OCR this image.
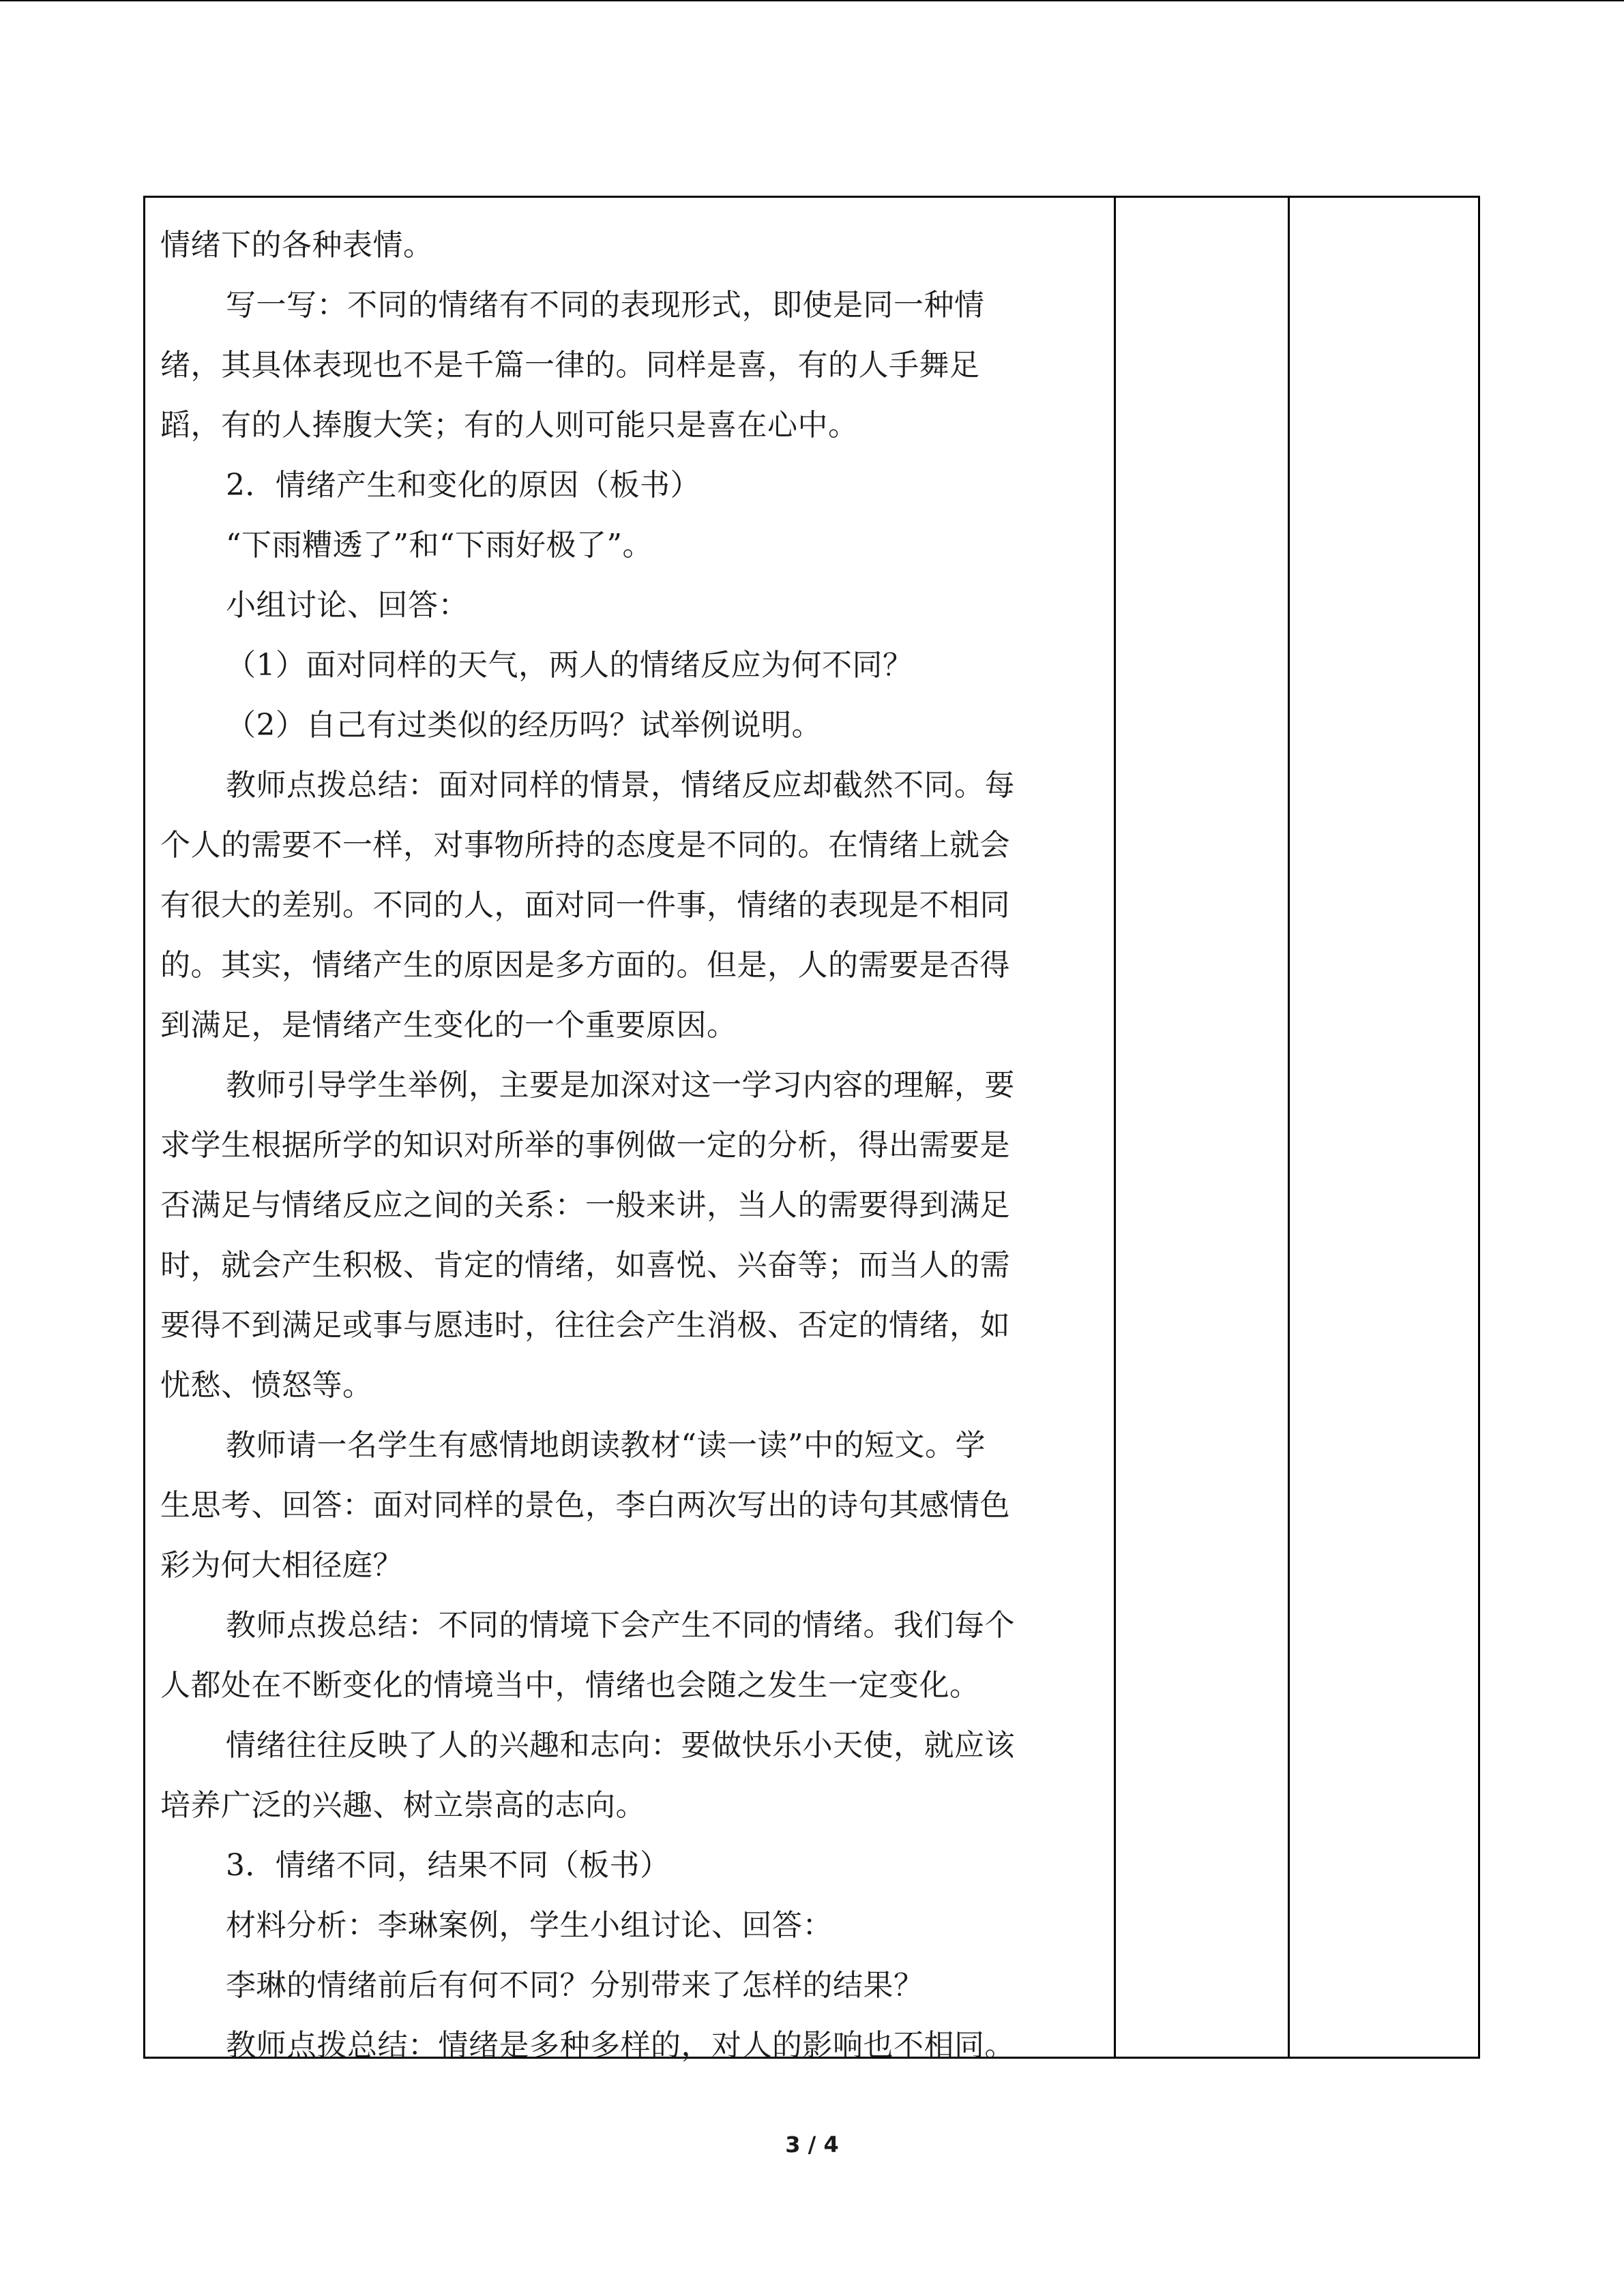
情绪下的各种表情。
写一写：不同的情绪有不同的表现形式，即使是同一种情
绪，其具体表现也不是千篇一律的。同样是喜，有的人手舞足
蹈，有的人捧腹大笑；有的人则可能只是喜在心中。
2．情绪产生和变化的原因（板书）
“下雨糟透了”和“下雨好极了”。
小组讨论、回答：
（1）面对同样的天气，两人的情绪反应为何不同？
（2）自己有过类似的经历吗？试举例说明。
教师点拨总结：面对同样的情景，情绪反应却截然不同。每
个人的需要不一样，对事物所持的态度是不同的。在情绪上就会
有很大的差别。不同的人，面对同一件事，情绪的表现是不相同
的。其实，情绪产生的原因是多方面的。但是，人的需要是否得
到满足，是情绪产生变化的一个重要原因。
教师引导学生举例，主要是加深对这一学习内容的理解，要
求学生根据所学的知识对所举的事例做一定的分析，得出需要是
否满足与情绪反应之间的关系：一般来讲，当人的需要得到满足
时，就会产生积极、肯定的情绪，如喜悦、兴奋等；而当人的需
要得不到满足或事与愿违时，往往会产生消极、否定的情绪，如
忧愁、愤怒等。
教师请一名学生有感情地朗读教材“读一读”中的短文。学
生思考、回答：面对同样的景色，李白两次写出的诗句其感情色
彩为何大相径庭？
教师点拨总结：不同的情境下会产生不同的情绪。我们每个
人都处在不断变化的情境当中，情绪也会随之发生一定变化。
情绪往往反映了人的兴趣和志向：要做快乐小天使，就应该
培养广泛的兴趣、树立崇高的志向。
3．情绪不同，结果不同（板书）
材料分析：李琳案例，学生小组讨论、回答：
李琳的情绪前后有何不同？分别带来了怎样的结果？
教师点拨总结：情绪是多种多样的，对人的影响也不相同。
3 / 4
